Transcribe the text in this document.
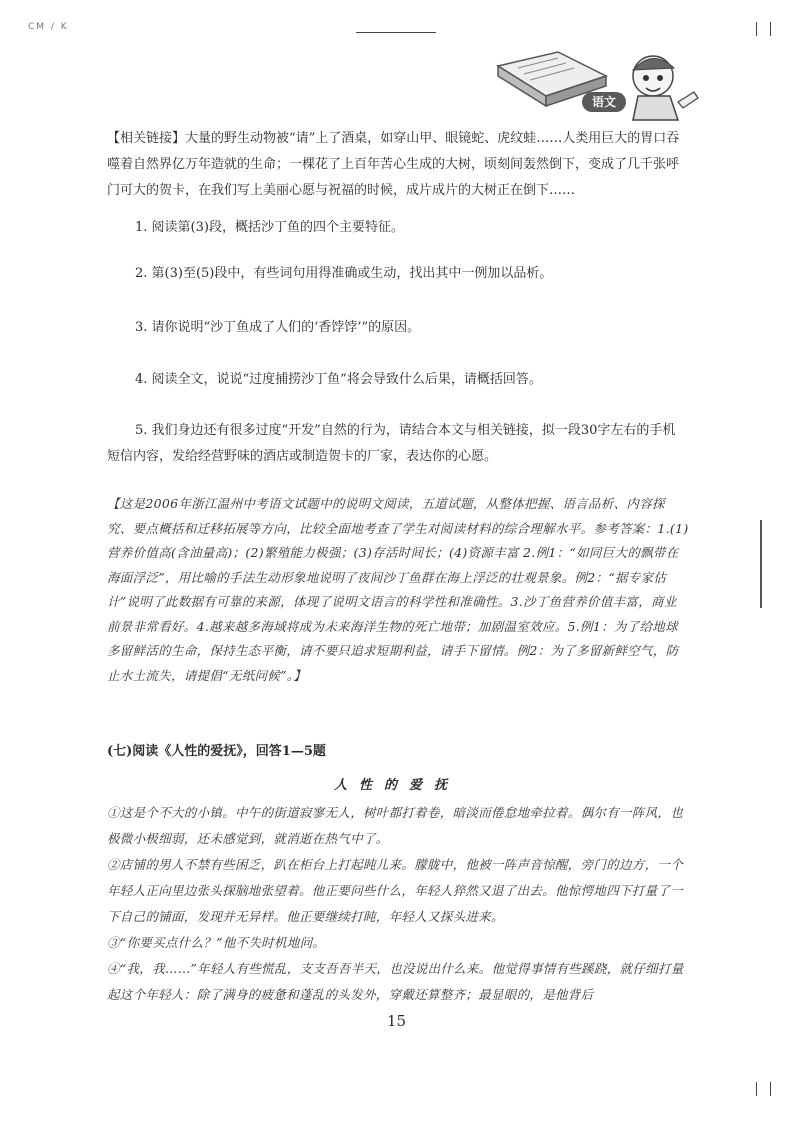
CM / K
语文

【相关链接】大量的野生动物被“请”上了酒桌，如穿山甲、眼镜蛇、虎纹蛙……人类用巨大的胃口吞噬着自然界亿万年造就的生命；一棵花了上百年苦心生成的大树，顷刻间轰然倒下，变成了几千张呼门可大的贺卡，在我们写上美丽心愿与祝福的时候，成片成片的大树正在倒下……

1. 阅读第(3)段，概括沙丁鱼的四个主要特征。

2. 第(3)至(5)段中，有些词句用得准确或生动，找出其中一例加以品析。

3. 请你说明“沙丁鱼成了人们的‘香饽饽’”的原因。

4. 阅读全文，说说“过度捕捞沙丁鱼”将会导致什么后果，请概括回答。

5. 我们身边还有很多过度“开发”自然的行为，请结合本文与相关链接，拟一段30字左右的手机短信内容，发给经营野味的酒店或制造贺卡的厂家，表达你的心愿。

【这是2006年浙江温州中考语文试题中的说明文阅读，五道试题，从整体把握、语言品析、内容探究、要点概括和迁移拓展等方向，比较全面地考查了学生对阅读材料的综合理解水平。参考答案：1.(1)营养价值高(含油量高)；(2)繁殖能力极强；(3)存活时间长；(4)资源丰富 2.例1：“如同巨大的飘带在海面浮泛”，用比喻的手法生动形象地说明了夜间沙丁鱼群在海上浮泛的壮观景象。例2：“据专家估计”说明了此数据有可靠的来源，体现了说明文语言的科学性和准确性。3.沙丁鱼营养价值丰富，商业前景非常看好。4.越来越多海域将成为未来海洋生物的死亡地带；加剧温室效应。5.例1：为了给地球多留鲜活的生命，保持生态平衡，请不要只追求短期利益，请手下留情。例2：为了多留新鲜空气，防止水土流失，请提倡“无纸问候”。】

(七)阅读《人性的爱抚》，回答1—5题

人性的爱抚

①这是个不大的小镇。中午的街道寂寥无人，树叶都打着卷，暗淡而倦怠地牵拉着。偶尔有一阵风，也极微小极细弱，还未感觉到，就消逝在热气中了。

②店铺的男人不禁有些困乏，趴在柜台上打起盹儿来。朦胧中，他被一阵声音惊醒，旁门的边方，一个年轻人正向里边张头探脑地张望着。他正要问些什么，年轻人猝然又退了出去。他惊愕地四下打量了一下自己的铺面，发现并无异样。他正要继续打盹，年轻人又探头进来。

③“你要买点什么？”他不失时机地问。

④“我，我……”年轻人有些慌乱，支支吾吾半天，也没说出什么来。他觉得事情有些蹊跷，就仔细打量起这个年轻人：除了满身的疲惫和蓬乱的头发外，穿戴还算整齐；最显眼的，是他背后

15
